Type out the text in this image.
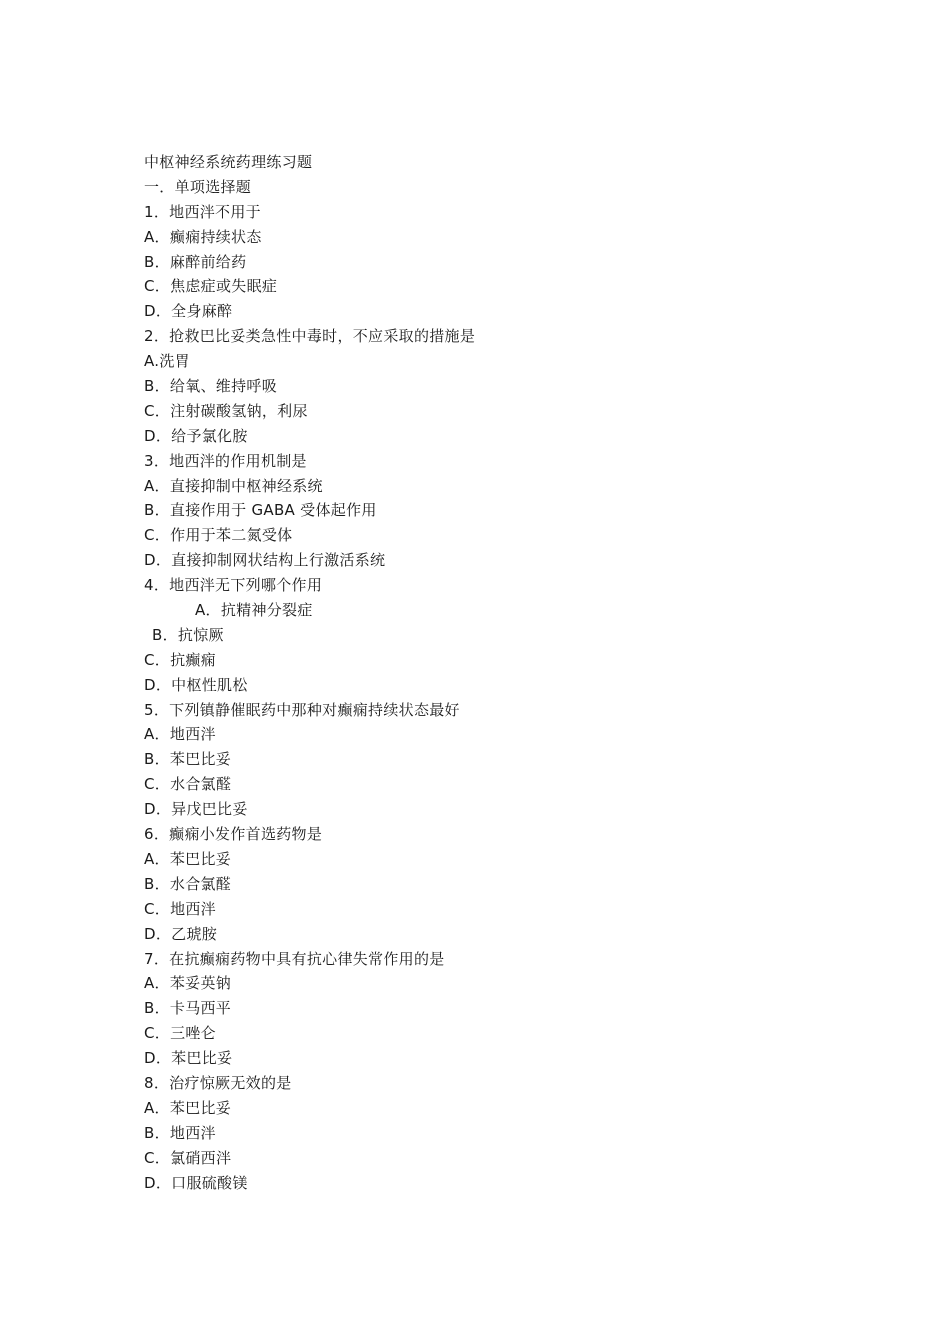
中枢神经系统药理练习题
一．单项选择题
1．地西泮不用于
A．癫痫持续状态
B．麻醉前给药
C．焦虑症或失眠症
D．全身麻醉
2．抢救巴比妥类急性中毒时，不应采取的措施是
A.洗胃
B．给氧、维持呼吸
C．注射碳酸氢钠，利尿
D．给予氯化胺
3．地西泮的作用机制是
A．直接抑制中枢神经系统
B．直接作用于 GABA 受体起作用
C．作用于苯二氮受体
D．直接抑制网状结构上行激活系统
4．地西泮无下列哪个作用
A．抗精神分裂症
B．抗惊厥
C．抗癫痫
D．中枢性肌松
5．下列镇静催眠药中那种对癫痫持续状态最好
A．地西泮
B．苯巴比妥
C．水合氯醛
D．异戊巴比妥
6．癫痫小发作首选药物是
A．苯巴比妥
B．水合氯醛
C．地西泮
D．乙琥胺
7．在抗癫痫药物中具有抗心律失常作用的是
A．苯妥英钠
B．卡马西平
C．三唑仑
D．苯巴比妥
8．治疗惊厥无效的是
A．苯巴比妥
B．地西泮
C．氯硝西泮
D．口服硫酸镁
